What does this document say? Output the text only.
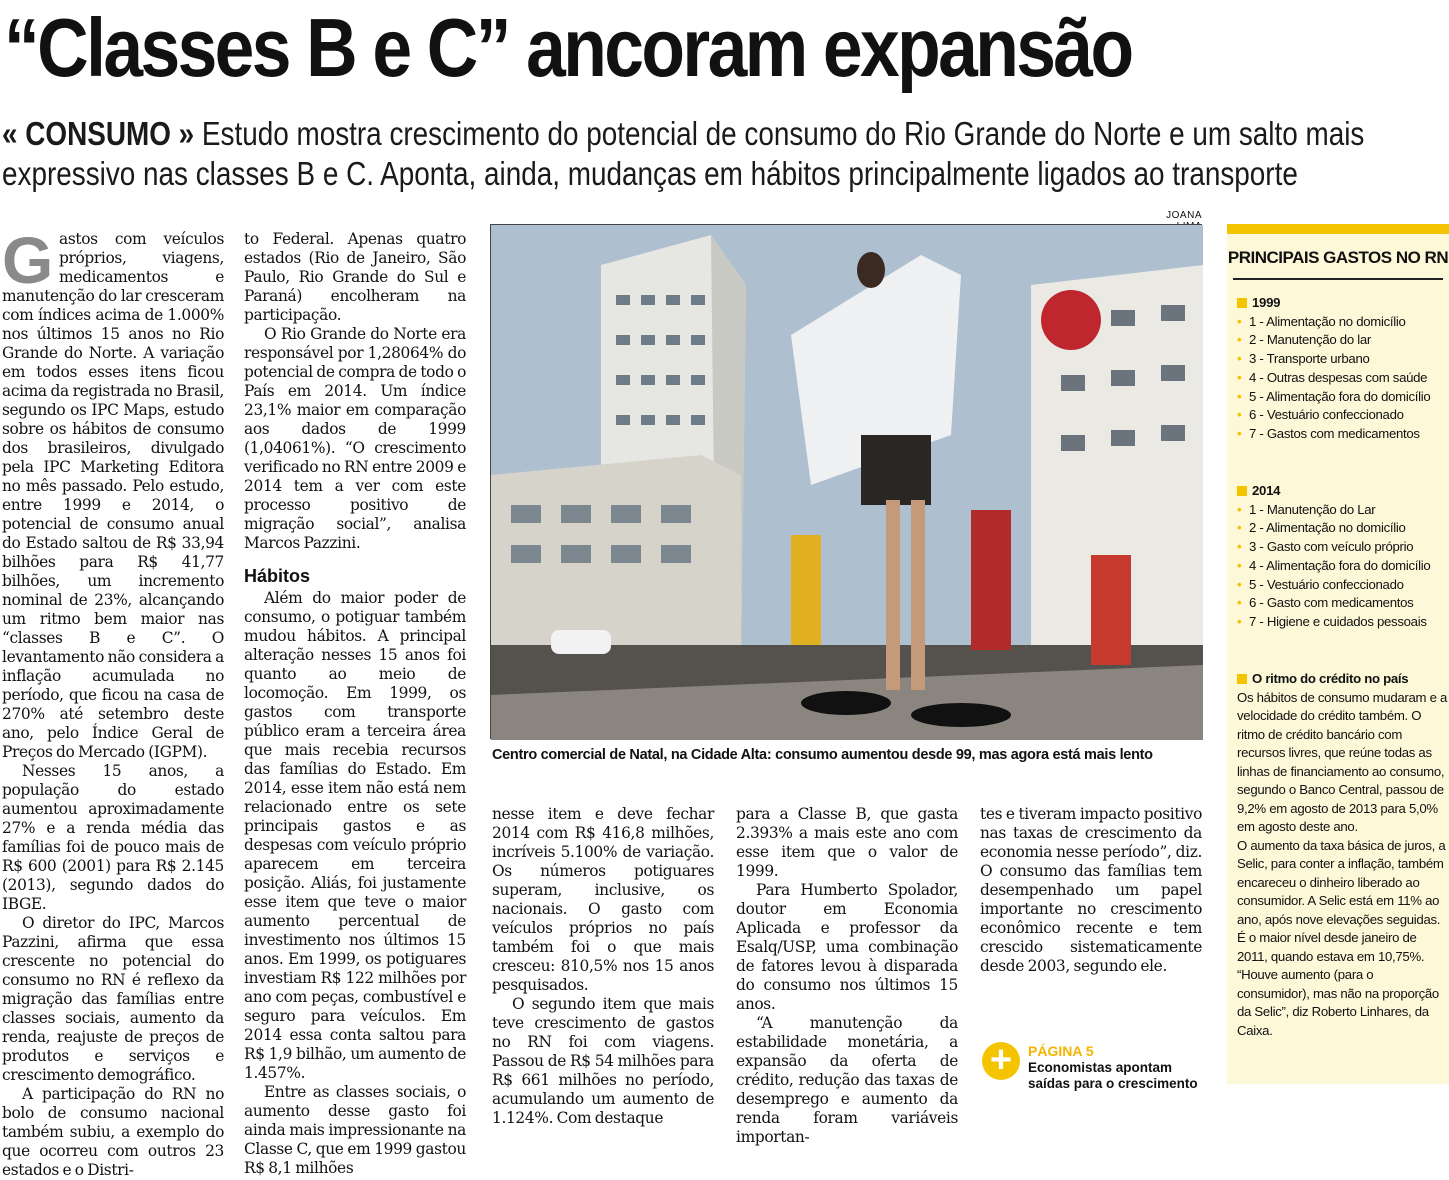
“Classes B e C” ancoram expansão
« CONSUMO » Estudo mostra crescimento do potencial de consumo do Rio Grande do Norte e um salto mais expressivo nas classes B e C. Aponta, ainda, mudanças em hábitos principalmente ligados ao transporte

Gastos com veículos próprios, viagens, medicamentos e manutenção do lar cresceram com índices acima de 1.000% nos últimos 15 anos no Rio Grande do Norte. A variação em todos esses itens ficou acima da registrada no Brasil, segundo os IPC Maps, estudo sobre os hábitos de consumo dos brasileiros, divulgado pela IPC Marketing Editora no mês passado. Pelo estudo, entre 1999 e 2014, o potencial de consumo anual do Estado saltou de R$ 33,94 bilhões para R$ 41,77 bilhões, um incremento nominal de 23%, alcançando um ritmo bem maior nas “classes B e C”. O levantamento não considera a inflação acumulada no período, que ficou na casa de 270% até setembro deste ano, pelo Índice Geral de Preços do Mercado (IGPM).

Nesses 15 anos, a população do estado aumentou aproximadamente 27% e a renda média das famílias foi de pouco mais de R$ 600 (2001) para R$ 2.145 (2013), segundo dados do IBGE.

O diretor do IPC, Marcos Pazzini, afirma que essa crescente no potencial do consumo no RN é reflexo da migração das famílias entre classes sociais, aumento da renda, reajuste de preços de produtos e serviços e crescimento demográfico.

A participação do RN no bolo de consumo nacional também subiu, a exemplo do que ocorreu com outros 23 estados e o Distri-

to Federal. Apenas quatro estados (Rio de Janeiro, São Paulo, Rio Grande do Sul e Paraná) encolheram na participação.

O Rio Grande do Norte era responsável por 1,28064% do potencial de compra de todo o País em 2014. Um índice 23,1% maior em comparação aos dados de 1999 (1,04061%). “O crescimento verificado no RN entre 2009 e 2014 tem a ver com este processo positivo de migração social”, analisa Marcos Pazzini.

Hábitos

Além do maior poder de consumo, o potiguar também mudou hábitos. A principal alteração nesses 15 anos foi quanto ao meio de locomoção. Em 1999, os gastos com transporte público eram a terceira área que mais recebia recursos das famílias do Estado. Em 2014, esse item não está nem relacionado entre os sete principais gastos e as despesas com veículo próprio aparecem em terceira posição. Aliás, foi justamente esse item que teve o maior aumento percentual de investimento nos últimos 15 anos. Em 1999, os potiguares investiam R$ 122 milhões por ano com peças, combustível e seguro para veículos. Em 2014 essa conta saltou para R$ 1,9 bilhão, um aumento de 1.457%.

Entre as classes sociais, o aumento desse gasto foi ainda mais impressionante na Classe C, que em 1999 gastou R$ 8,1 milhões

JOANA
Centro comercial de Natal, na Cidade Alta: consumo aumentou desde 99, mas agora está mais lento

nesse item e deve fechar 2014 com R$ 416,8 milhões, incríveis 5.100% de variação. Os números potiguares superam, inclusive, os nacionais. O gasto com veículos próprios no país também foi o que mais cresceu: 810,5% nos 15 anos pesquisados.

O segundo item que mais teve crescimento de gastos no RN foi com viagens. Passou de R$ 54 milhões para R$ 661 milhões no período, acumulando um aumento de 1.124%. Com destaque

para a Classe B, que gasta 2.393% a mais este ano com esse item que o valor de 1999.

Para Humberto Spolador, doutor em Economia Aplicada e professor da Esalq/USP, uma combinação de fatores levou à disparada do consumo nos últimos 15 anos.

“A manutenção da estabilidade monetária, a expansão da oferta de crédito, redução das taxas de desemprego e aumento da renda foram variáveis importan-

tes e tiveram impacto positivo nas taxas de crescimento da economia nesse período”, diz. O consumo das famílias tem desempenhado um papel importante no crescimento econômico recente e tem crescido sistematicamente desde 2003, segundo ele.

+	PÁGINA 5
Economistas apontam saídas para o crescimento
PRINCIPAIS GASTOS NO RN
1999
• 1 - Alimentação no domicílio
• 2 - Manutenção do lar
• 3 - Transporte urbano
• 4 - Outras despesas com saúde
• 5 - Alimentação fora do domicílio
• 6 - Vestuário confeccionado
• 7 - Gastos com medicamentos
2014
• 1 - Manutenção do Lar
• 2 - Alimentação no domicílio
• 3 - Gasto com veículo próprio
• 4 - Alimentação fora do domicílio
• 5 - Vestuário confeccionado
• 6 - Gasto com medicamentos
• 7 - Higiene e cuidados pessoais
O ritmo do crédito no país

Os hábitos de consumo mudaram e a velocidade do crédito também. O ritmo de crédito bancário com recursos livres, que reúne todas as linhas de financiamento ao consumo, segundo o Banco Central, passou de 9,2% em agosto de 2013 para 5,0% em agosto deste ano.

O aumento da taxa básica de juros, a Selic, para conter a inflação, também encareceu o dinheiro liberado ao consumidor. A Selic está em 11% ao ano, após nove elevações seguidas. É o maior nível desde janeiro de 2011, quando estava em 10,75%. “Houve aumento (para o consumidor), mas não na proporção da Selic”, diz Roberto Linhares, da Caixa.
